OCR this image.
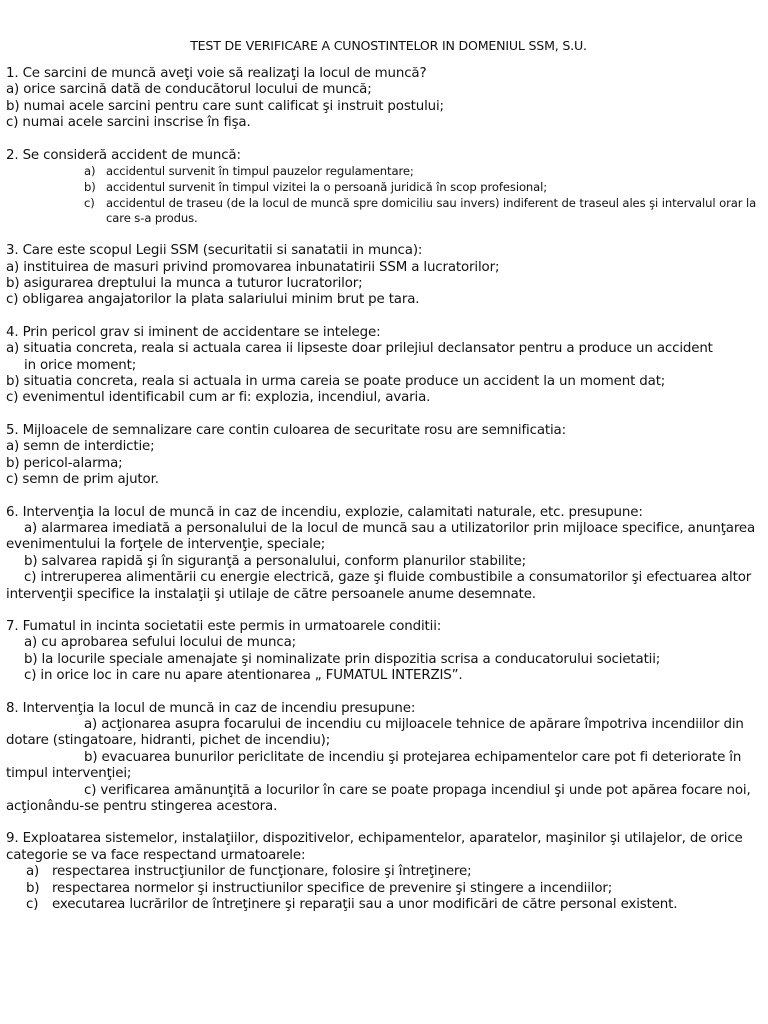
TEST DE VERIFICARE A CUNOSTINTELOR IN DOMENIUL SSM, S.U.
1. Ce sarcini de muncă aveţi voie să realizaţi la locul de muncă?
a) orice sarcină dată de conducătorul locului de muncă;
b) numai acele sarcini pentru care sunt calificat şi instruit postului;
c) numai acele sarcini inscrise în fişa.
2. Se consideră accident de muncă:
a) accidentul survenit în timpul pauzelor regulamentare;
b) accidentul survenit în timpul vizitei la o persoană juridică în scop profesional;
c) accidentul de traseu (de la locul de muncă spre domiciliu sau invers) indiferent de traseul ales şi intervalul orar la care s-a produs.
3. Care este scopul Legii SSM (securitatii si sanatatii in munca):
a) instituirea de masuri privind promovarea inbunatatirii SSM a lucratorilor;
b) asigurarea dreptului la munca a tuturor lucratorilor;
c) obligarea angajatorilor la plata salariului minim brut pe tara.
4. Prin pericol grav si iminent de accidentare se intelege:
a) situatia concreta, reala si actuala carea ii lipseste doar prilejiul declansator pentru a produce un accident
in orice moment;
b) situatia concreta, reala si actuala in urma careia se poate produce un accident la un moment dat;
c) evenimentul identificabil cum ar fi: explozia, incendiul, avaria.
5. Mijloacele de semnalizare care contin culoarea de securitate rosu are semnificatia:
a) semn de interdictie;
b) pericol-alarma;
c) semn de prim ajutor.
6. Intervenţia la locul de muncă in caz de incendiu, explozie, calamitati naturale, etc. presupune:
a) alarmarea imediată a personalului de la locul de muncă sau a utilizatorilor prin mijloace specifice, anunţarea evenimentului la forţele de intervenţie, speciale;
b) salvarea rapidă şi în siguranţă a personalului, conform planurilor stabilite;
c) intreruperea alimentării cu energie electrică, gaze şi fluide combustibile a consumatorilor şi efectuarea altor intervenţii specifice la instalaţii şi utilaje de către persoanele anume desemnate.
7. Fumatul in incinta societatii este permis in urmatoarele conditii:
a) cu aprobarea sefului locului de munca;
b) la locurile speciale amenajate şi nominalizate prin dispozitia scrisa a conducatorului societatii;
c) in orice loc in care nu apare atentionarea „ FUMATUL INTERZIS”.
8. Intervenţia la locul de muncă in caz de incendiu presupune:
a) acţionarea asupra focarului de incendiu cu mijloacele tehnice de apărare împotriva incendiilor din dotare (stingatoare, hidranti, pichet de incendiu);
b) evacuarea bunurilor periclitate de incendiu şi protejarea echipamentelor care pot fi deteriorate în timpul intervenţiei;
c) verificarea amănunţită a locurilor în care se poate propaga incendiul şi unde pot apărea focare noi, acţionându-se pentru stingerea acestora.
9. Exploatarea sistemelor, instalaţiilor, dispozitivelor, echipamentelor, aparatelor, maşinilor şi utilajelor, de orice categorie se va face respectand urmatoarele:
a) respectarea instrucţiunilor de funcţionare, folosire şi întreţinere;
b) respectarea normelor şi instructiunilor specifice de prevenire şi stingere a incendiilor;
c)	executarea lucrărilor de întreţinere şi reparaţii sau a unor modificări de către personal existent.
